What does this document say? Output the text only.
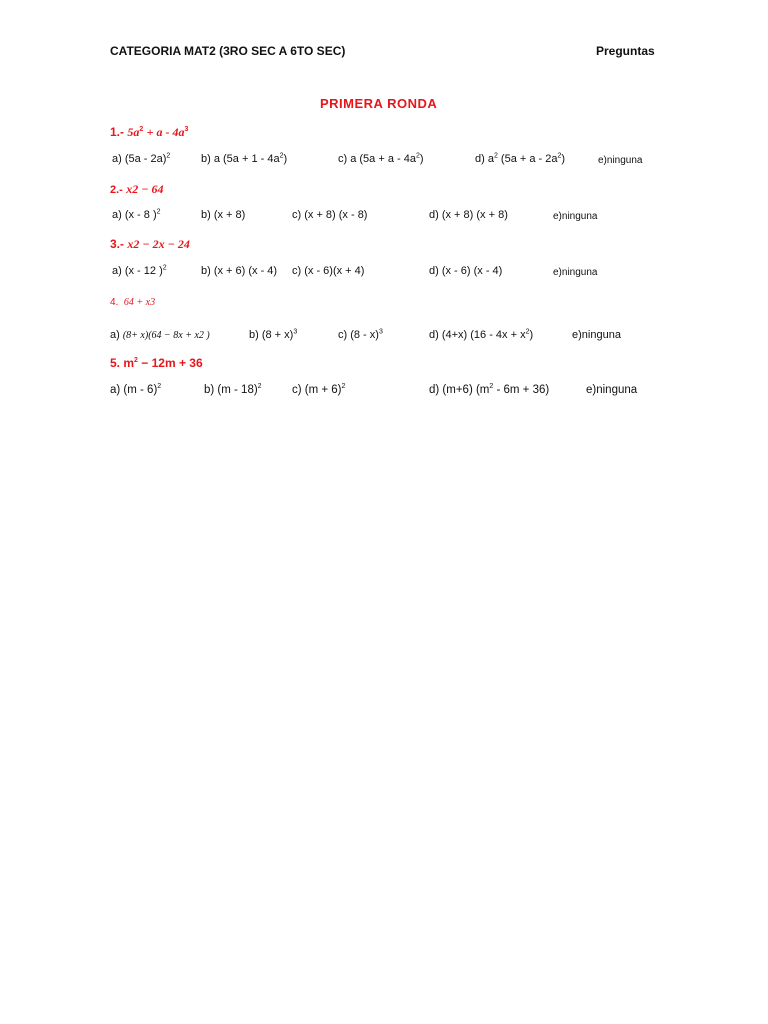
CATEGORIA MAT2 (3RO SEC A 6TO SEC)	Preguntas
PRIMERA RONDA
1.- $5a^2 + a - 4a^3$
a) (5a - 2a)$^2$	b) a $(5a + 1 - 4a^2)$	c) a $(5a + a - 4a^2)$	d) $a^2$ $(5a + a - 2a^2)$	e)ninguna
2.- x2 − 64
a) (x - 8 )$^2$	b) (x + 8)	c) (x + 8) (x - 8)	d) (x + 8) (x + 8)	e)ninguna
3.- x2 − 2x − 24
a) (x - 12 )$^2$	b) (x + 6) (x - 4) c) (x - 6)(x + 4)	d) (x - 6) (x - 4)	e)ninguna
4. 64 + x3
a) (8+ x)(64 − 8x + x2 )	b) $(8 + x)^3$	c) (8 - x)$^3$	d) (4+x) $(16 - 4x + x^2)$	e)ninguna
5. $m^2 - 12m + 36$
a) (m - 6)$^2$	b) (m - 18)$^2$	c) $(m + 6)^2$	d) (m+6) $(m^2 - 6m + 36)$	e)ninguna
